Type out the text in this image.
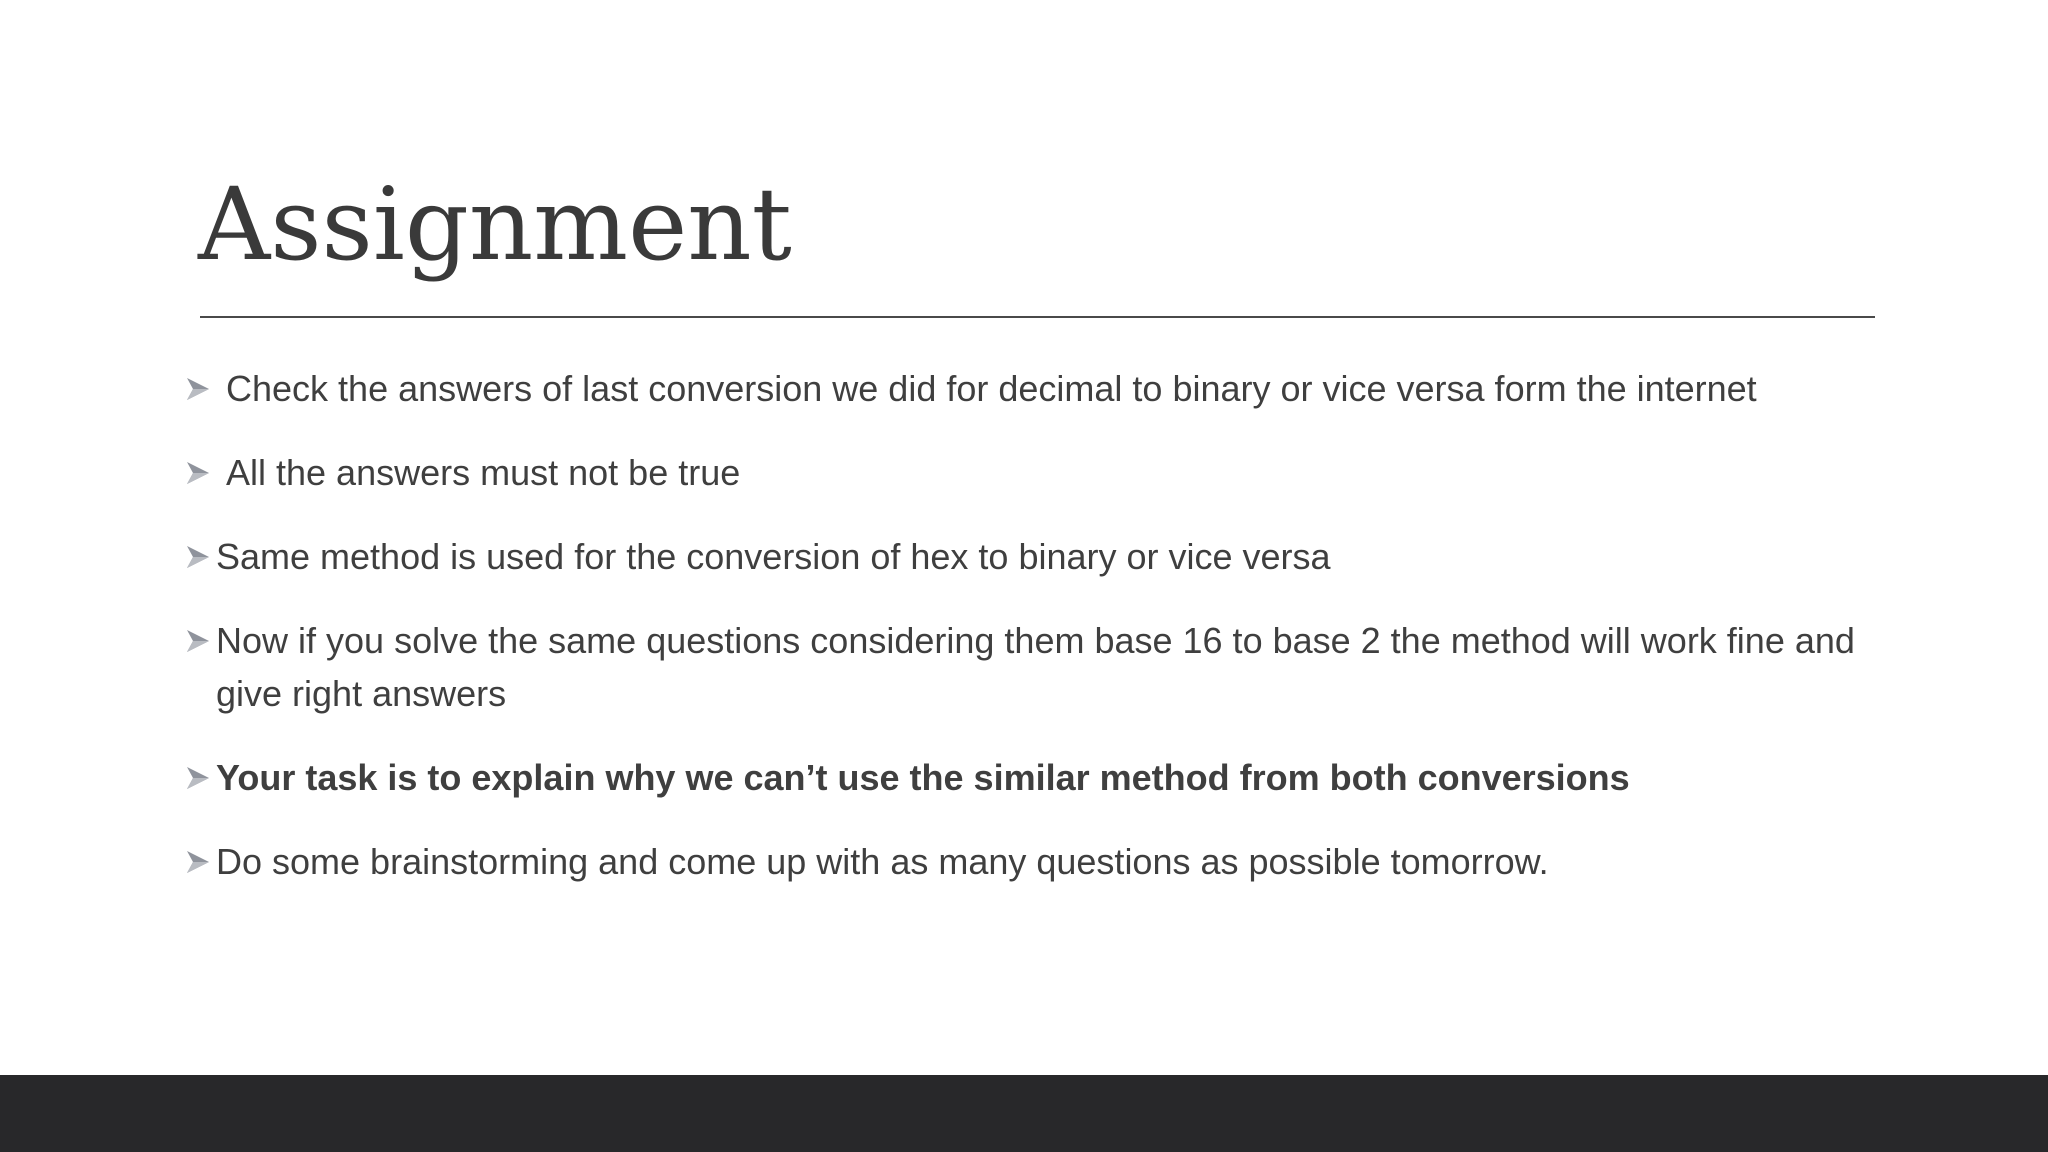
Assignment
Check the answers of last conversion we did for decimal to binary or vice versa form the internet
All the answers must not be true
Same method is used for the conversion of hex to binary or vice versa
Now if you solve the same questions considering them base 16 to base 2 the method will work fine and give right answers
Your task is to explain why we can’t use the similar method from both conversions
Do some brainstorming and come up with as many questions as possible tomorrow.
